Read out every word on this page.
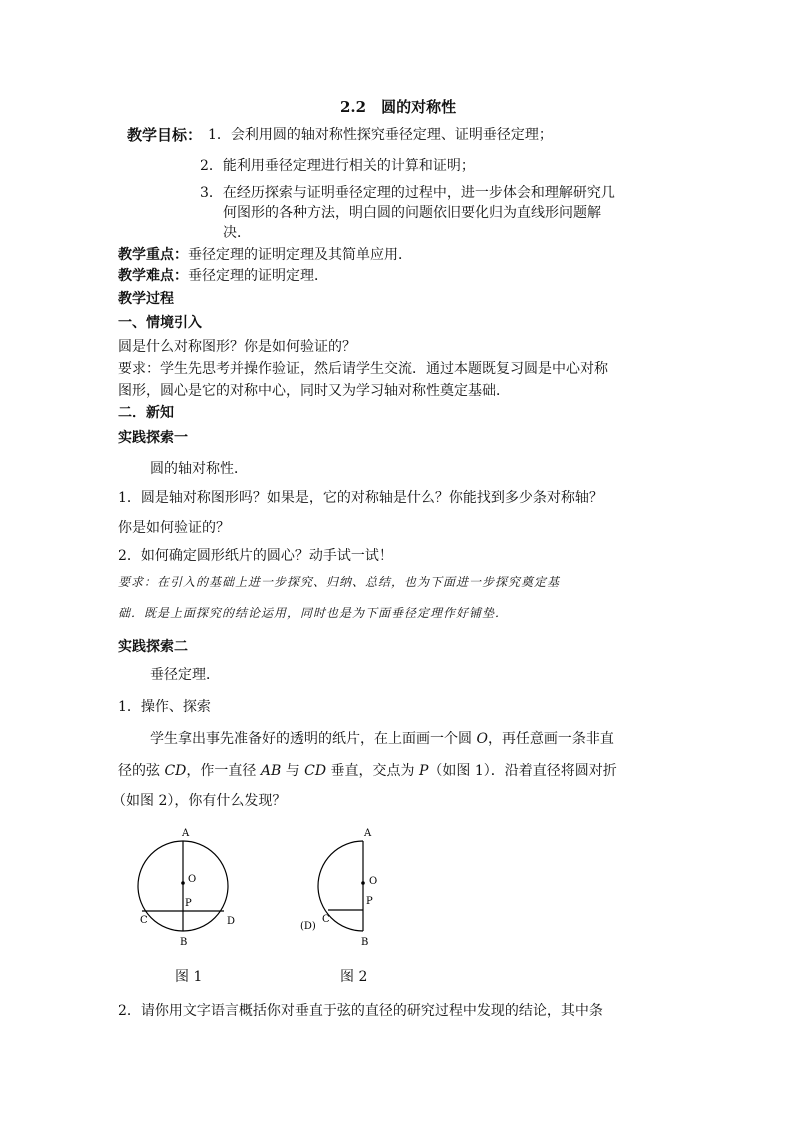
2.2　圆的对称性
教学目标： 1．会利用圆的轴对称性探究垂径定理、证明垂径定理；
2．能利用垂径定理进行相关的计算和证明；
3．在经历探索与证明垂径定理的过程中，进一步体会和理解研究几
何图形的各种方法，明白圆的问题依旧要化归为直线形问题解
决．
教学重点：垂径定理的证明定理及其简单应用．
教学难点：垂径定理的证明定理．
教学过程
一、情境引入
圆是什么对称图形？你是如何验证的？
要求：学生先思考并操作验证，然后请学生交流．通过本题既复习圆是中心对称
图形，圆心是它的对称中心，同时又为学习轴对称性奠定基础．
二．新知
实践探索一
圆的轴对称性．
1．圆是轴对称图形吗？如果是，它的对称轴是什么？你能找到多少条对称轴？
你是如何验证的？
2．如何确定圆形纸片的圆心？动手试一试！
要求：在引入的基础上进一步探究、归纳、总结，也为下面进一步探究奠定基
础．既是上面探究的结论运用，同时也是为下面垂径定理作好铺垫．
实践探索二
垂径定理．
1．操作、探索
学生拿出事先准备好的透明的纸片，在上面画一个圆 O，再任意画一条非直
径的弦 CD，作一直径 AB 与 CD 垂直，交点为 P（如图 1）．沿着直径将圆对折
（如图 2），你有什么发现？
A
O
P
C	D
B
图 1
A
O
P
C
(D)
B
图 2
2．请你用文字语言概括你对垂直于弦的直径的研究过程中发现的结论，其中条
